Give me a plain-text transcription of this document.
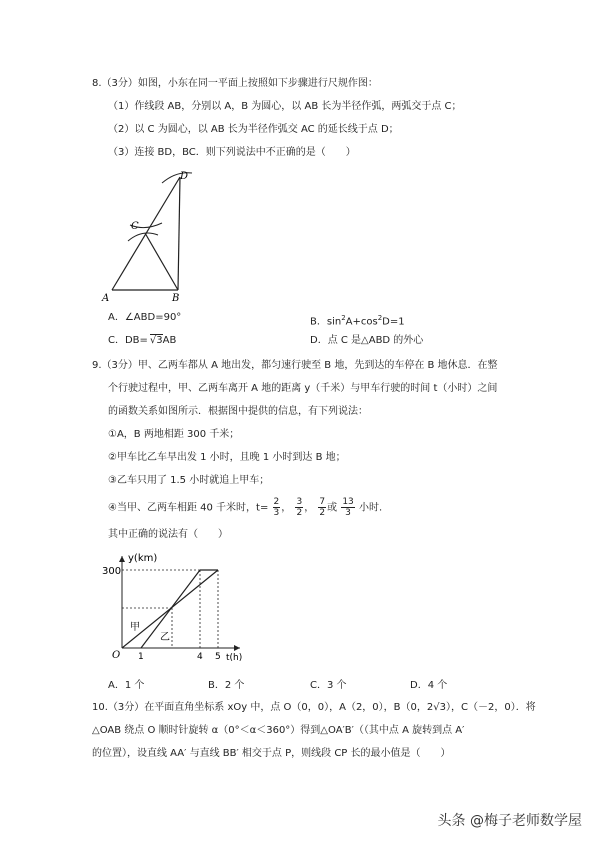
8.（3分）如图，小东在同一平面上按照如下步骤进行尺规作图：
（1）作线段 AB，分别以 A，B 为圆心，以 AB 长为半径作弧，两弧交于点 C；
（2）以 C 为圆心，以 AB 长为半径作弧交 AC 的延长线于点 D；
（3）连接 BD，BC．则下列说法中不正确的是（　　）
A	B
C
D
A．∠ABD=90°	B．$\sin^2A+\cos^2D=1$
C．DB= √3AB	D．点 C 是△ABD 的外心
9.（3分）甲、乙两车都从 A 地出发，都匀速行驶至 B 地，先到达的车停在 B 地休息．在整
个行驶过程中，甲、乙两车离开 A 地的距离 y（千米）与甲车行驶的时间 t（小时）之间
的函数关系如图所示．根据图中提供的信息，有下列说法：
①A，B 两地相距 300 千米；
②甲车比乙车早出发 1 小时，且晚 1 小时到达 B 地；
③乙车只用了 1.5 小时就追上甲车；
④当甲、乙两车相距 40 千米时，$t= \frac{2}{3}$ ， $\frac{3}{2}$ ， $\frac{7}{2}$ 或 $\frac{13}{3}$ 小时.
其中正确的说法有（　　）
y(km)
t(h)
300
O 1	4 5
甲
乙
A．1 个	B．2 个	C．3 个	D．4 个
10.（3分）在平面直角坐标系 xOy 中，点 O（0，0），A（2，0），B（0，2√3），C（－2，0）．将
△OAB 绕点 O 顺时针旋转 α（0°＜α＜360°）得到△OA′B′（（其中点 A 旋转到点 A′
的位置），设直线 AA′ 与直线 BB′ 相交于点 P，则线段 CP 长的最小值是（　　）
头条 @梅子老师数学屋
